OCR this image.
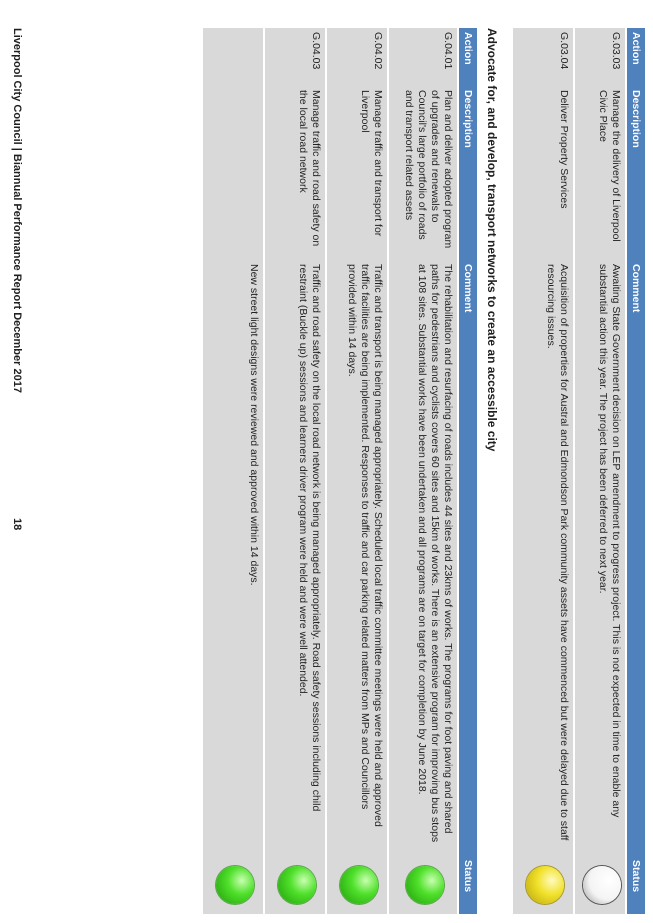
Action	Description	Comment	Status
G.03.03	Manage the delivery of Liverpool Civic Place	Awaiting State Government decision on LEP amendment to progress project. This is not expected in time to enable any substantial action this year. The project has been deferred to next year.	
G.03.04	Deliver Property Services	Acquisition of properties for Austral and Edmondson Park community assets have commenced but were delayed due to staff resourcing issues.	
Advocate for, and develop, transport networks to create an accessible city
Action	Description	Comment	Status
G.04.01	Plan and deliver adopted program of upgrades and renewals to Council's large portfolio of roads and transport related assets	The rehabilitation and resurfacing of roads includes 44 sites and 23kms of works. The programs for foot paving and shared paths for pedestrians and cyclists covers 60 sites and 15km of works. There is an extensive program for improving bus stops at 108 sites. Substantial works have been undertaken and all programs are on target for completion by June 2018.	
G.04.02	Manage traffic and transport for Liverpool	Traffic and transport is being managed appropriately. Scheduled local traffic committee meetings were held and approved traffic facilities are being implemented. Responses to traffic and car parking related matters from MPs and Councillors provided within 14 days.	
G.04.03	Manage traffic and road safety on the local road network	Traffic and road safety on the local road network is being managed appropriately. Road safety sessions including child restraint (Buckle up) sessions and learners driver program were held and were well attended.	
		New street light designs were reviewed and approved within 14 days.	
Liverpool City Council | Biannual Performance Report December 2017
18
